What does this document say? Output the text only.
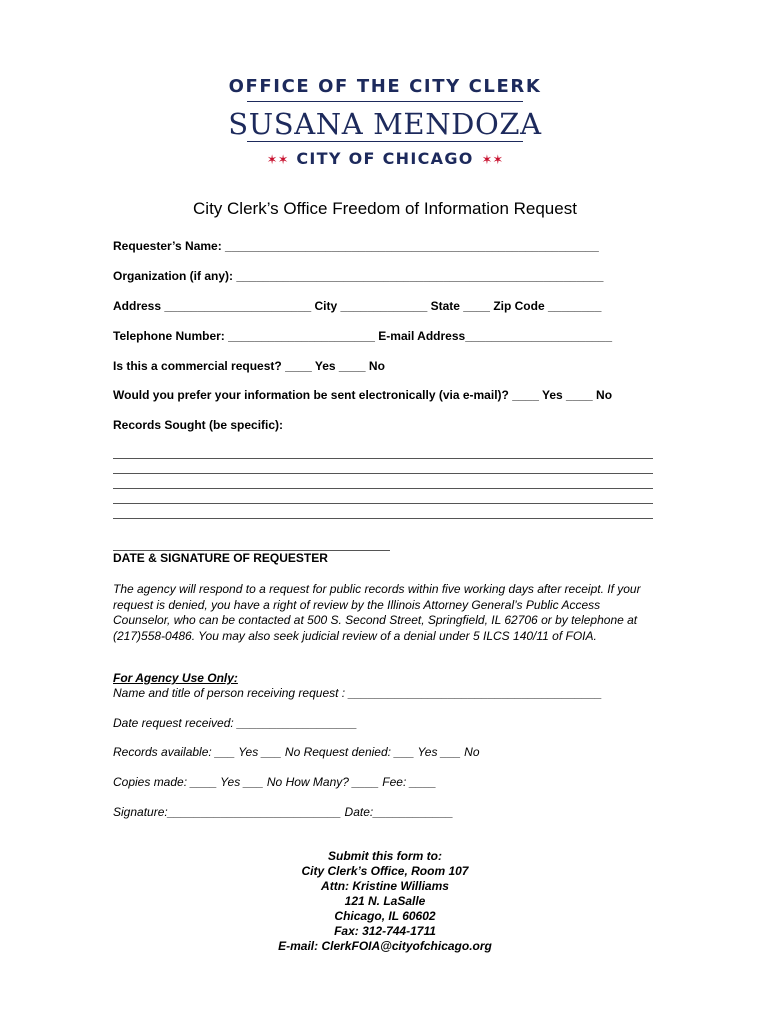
OFFICE OF THE CITY CLERK
SUSANA MENDOZA
✶✶ CITY OF CHICAGO ✶✶
City Clerk’s Office Freedom of Information Request
Requester’s Name: ________________________________________________________
Organization (if any): _______________________________________________________
Address ______________________ City _____________ State ____ Zip Code ________
Telephone Number: ______________________ E-mail Address______________________
Is this a commercial request? ____ Yes ____ No
Would you prefer your information be sent electronically (via e-mail)? ____ Yes ____ No
Records Sought (be specific):
DATE & SIGNATURE OF REQUESTER
The agency will respond to a request for public records within five working days after receipt. If your request is denied, you have a right of review by the Illinois Attorney General’s Public Access Counselor, who can be contacted at 500 S. Second Street, Springfield, IL 62706 or by telephone at (217)558-0486. You may also seek judicial review of a denial under 5 ILCS 140/11 of FOIA.
For Agency Use Only:
Name and title of person receiving request : ______________________________________
Date request received: __________________
Records available: ___ Yes ___ No Request denied: ___ Yes ___ No
Copies made: ____ Yes ___ No How Many? ____ Fee: ____
Signature:__________________________ Date:____________
Submit this form to:
City Clerk’s Office, Room 107
Attn: Kristine Williams
121 N. LaSalle
Chicago, IL 60602
Fax: 312-744-1711
E-mail: ClerkFOIA@cityofchicago.org
